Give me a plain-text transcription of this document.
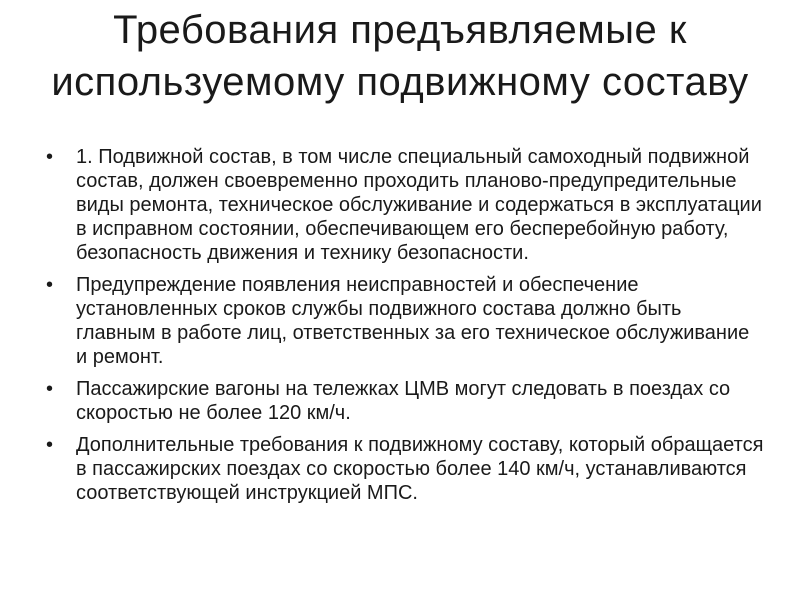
Требования предъявляемые к используемому подвижному составу
•	1. Подвижной состав, в том числе специальный самоходный подвижной состав, должен своевременно проходить планово-предупредительные виды ремонта, техническое обслуживание и содержаться в эксплуатации в исправном состоянии, обеспечивающем его бесперебойную работу, безопасность движения и технику безопасности.
•	Предупреждение появления неисправностей и обеспечение установленных сроков службы подвижного состава должно быть главным в работе лиц, ответственных за его техническое обслуживание и ремонт.
•	Пассажирские вагоны на тележках ЦМВ могут следовать в поездах со скоростью не более 120 км/ч.
•	Дополнительные требования к подвижному составу, который обращается в пассажирских поездах со скоростью более 140 км/ч, устанавливаются соответствующей инструкцией МПС.
